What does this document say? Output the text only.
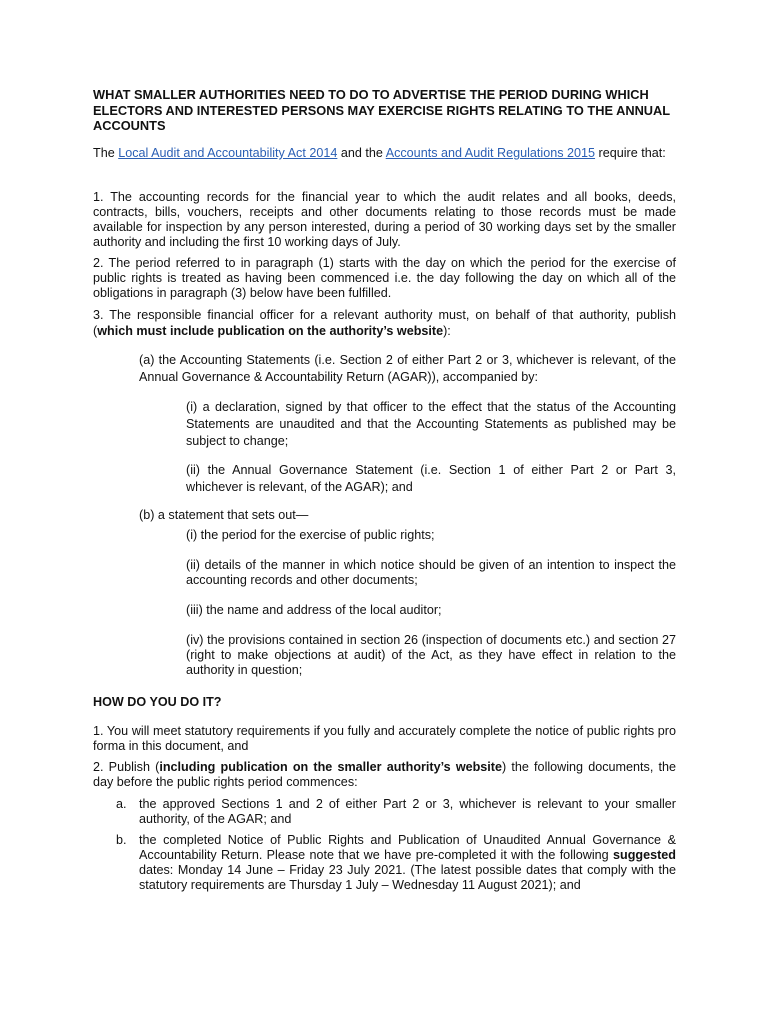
WHAT SMALLER AUTHORITIES NEED TO DO TO ADVERTISE THE PERIOD DURING WHICH ELECTORS AND INTERESTED PERSONS MAY EXERCISE RIGHTS RELATING TO THE ANNUAL ACCOUNTS

The Local Audit and Accountability Act 2014 and the Accounts and Audit Regulations 2015 require that:

1. The accounting records for the financial year to which the audit relates and all books, deeds, contracts, bills, vouchers, receipts and other documents relating to those records must be made available for inspection by any person interested, during a period of 30 working days set by the smaller authority and including the first 10 working days of July.

2. The period referred to in paragraph (1) starts with the day on which the period for the exercise of public rights is treated as having been commenced i.e. the day following the day on which all of the obligations in paragraph (3) below have been fulfilled.

3. The responsible financial officer for a relevant authority must, on behalf of that authority, publish (which must include publication on the authority’s website):

(a) the Accounting Statements (i.e. Section 2 of either Part 2 or 3, whichever is relevant, of the Annual Governance & Accountability Return (AGAR)), accompanied by:

(i) a declaration, signed by that officer to the effect that the status of the Accounting Statements are unaudited and that the Accounting Statements as published may be subject to change;

(ii) the Annual Governance Statement (i.e. Section 1 of either Part 2 or Part 3, whichever is relevant, of the AGAR); and

(b) a statement that sets out—

(i) the period for the exercise of public rights;

(ii) details of the manner in which notice should be given of an intention to inspect the accounting records and other documents;

(iii) the name and address of the local auditor;

(iv) the provisions contained in section 26 (inspection of documents etc.) and section 27 (right to make objections at audit) of the Act, as they have effect in relation to the authority in question;

HOW DO YOU DO IT?

1. You will meet statutory requirements if you fully and accurately complete the notice of public rights pro forma in this document, and

2. Publish (including publication on the smaller authority’s website) the following documents, the day before the public rights period commences:

a. the approved Sections 1 and 2 of either Part 2 or 3, whichever is relevant to your smaller authority, of the AGAR; and
b. the completed Notice of Public Rights and Publication of Unaudited Annual Governance & Accountability Return. Please note that we have pre-completed it with the following suggested dates: Monday 14 June – Friday 23 July 2021. (The latest possible dates that comply with the statutory requirements are Thursday 1 July – Wednesday 11 August 2021); and
